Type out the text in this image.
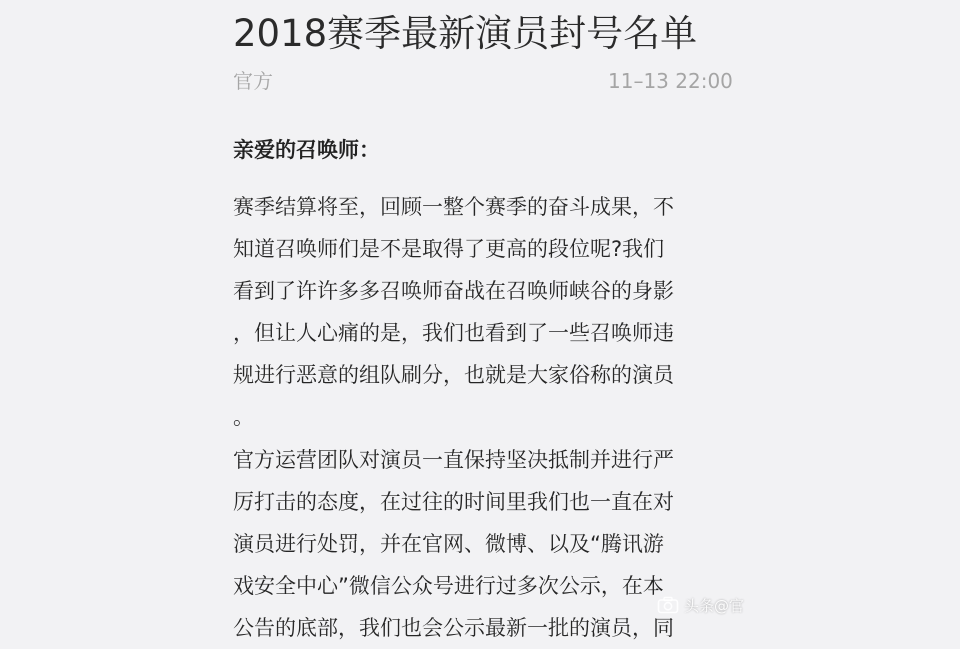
2018赛季最新演员封号名单
官方	11–13 22:00
亲爱的召唤师：
赛季结算将至，回顾一整个赛季的奋斗成果，不
知道召唤师们是不是取得了更高的段位呢?我们
看到了许许多多召唤师奋战在召唤师峡谷的身影
，但让人心痛的是，我们也看到了一些召唤师违
规进行恶意的组队刷分，也就是大家俗称的演员
。
官方运营团队对演员一直保持坚决抵制并进行严
厉打击的态度，在过往的时间里我们也一直在对
演员进行处罚，并在官网、微博、以及“腾讯游
戏安全中心”微信公众号进行过多次公示，在本
公告的底部，我们也会公示最新一批的演员，同
头条@官
